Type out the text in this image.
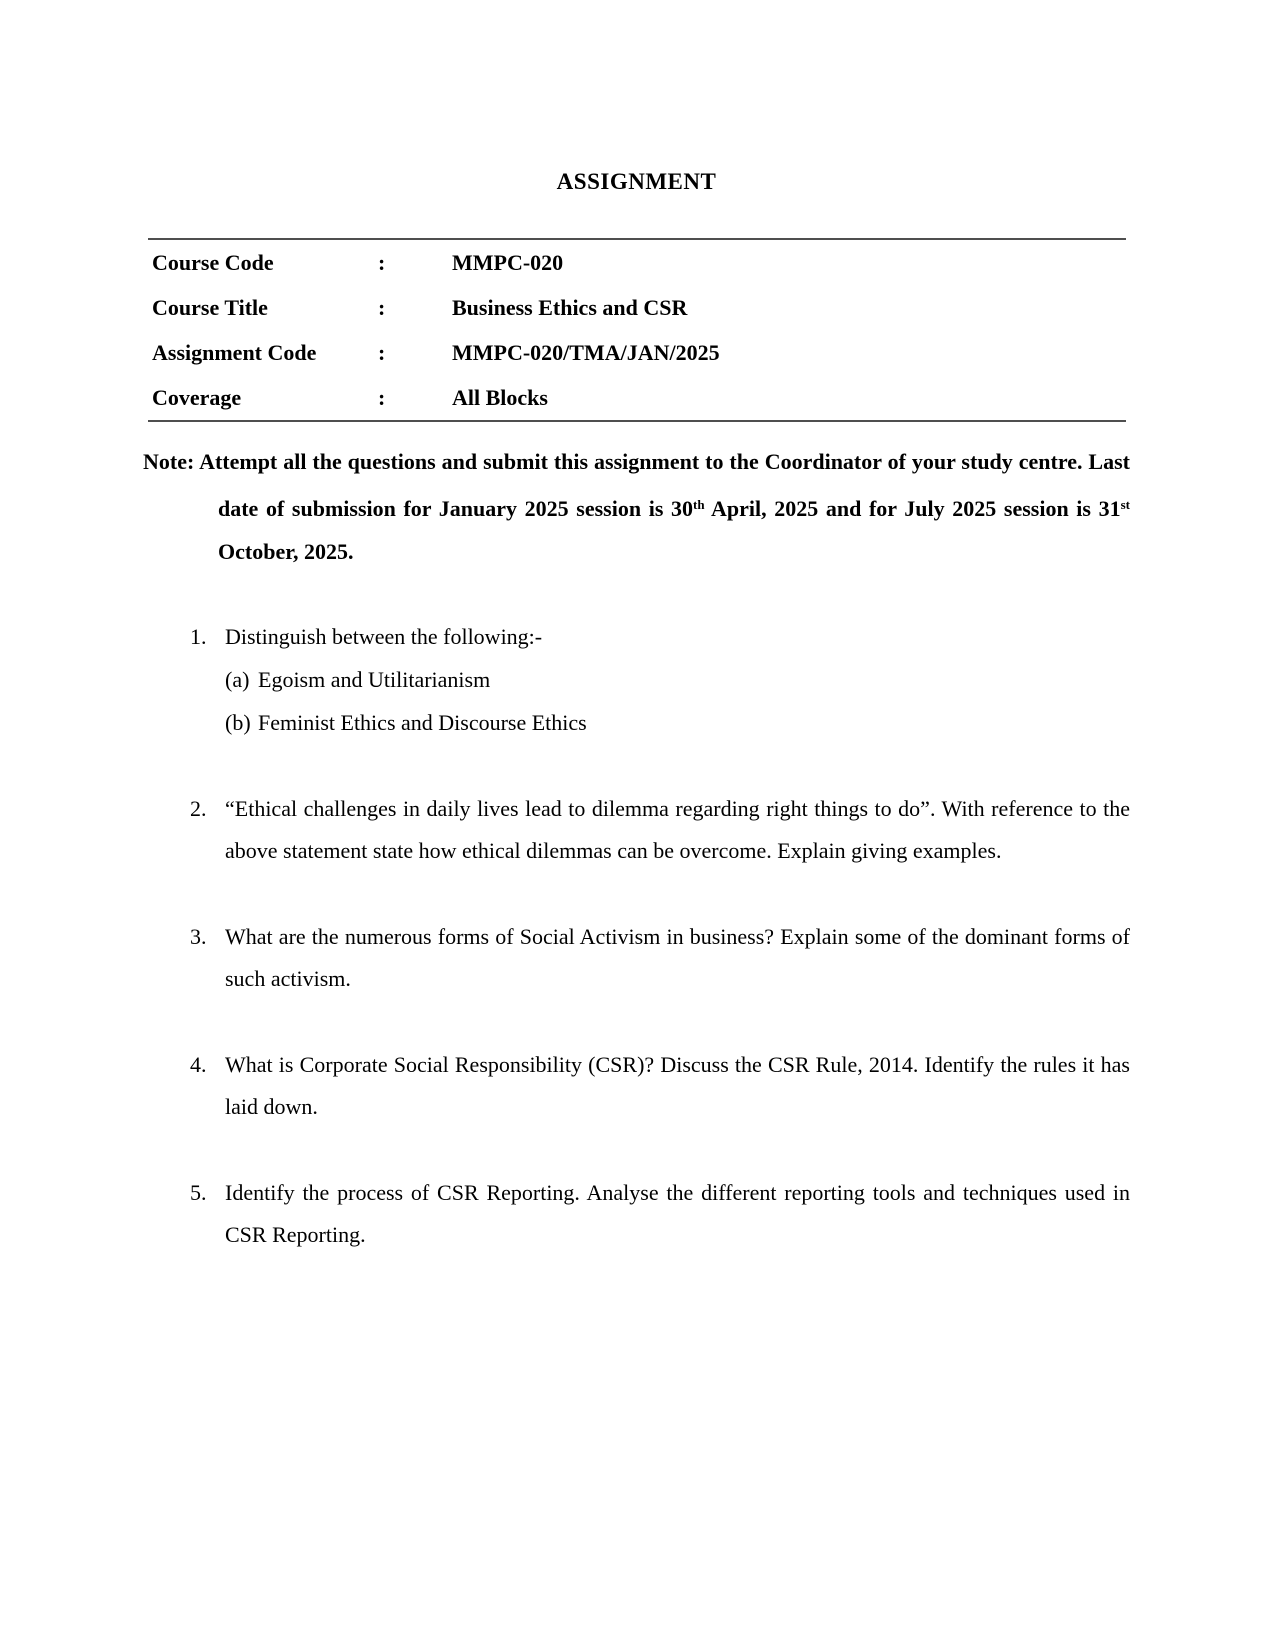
ASSIGNMENT
Course Code	:	MMPC-020
Course Title	:	Business Ethics and CSR
Assignment Code	:	MMPC-020/TMA/JAN/2025
Coverage	:	All Blocks

Note: Attempt all the questions and submit this assignment to the Coordinator of your study centre. Last date of submission for January 2025 session is 30th April, 2025 and for July 2025 session is 31st October, 2025.

1. Distinguish between the following:-
(a) Egoism and Utilitarianism
(b) Feminist Ethics and Discourse Ethics
2. “Ethical challenges in daily lives lead to dilemma regarding right things to do”. With reference to the above statement state how ethical dilemmas can be overcome. Explain giving examples.
3. What are the numerous forms of Social Activism in business? Explain some of the dominant forms of such activism.
4. What is Corporate Social Responsibility (CSR)? Discuss the CSR Rule, 2014. Identify the rules it has laid down.
5. Identify the process of CSR Reporting. Analyse the different reporting tools and techniques used in CSR Reporting.
